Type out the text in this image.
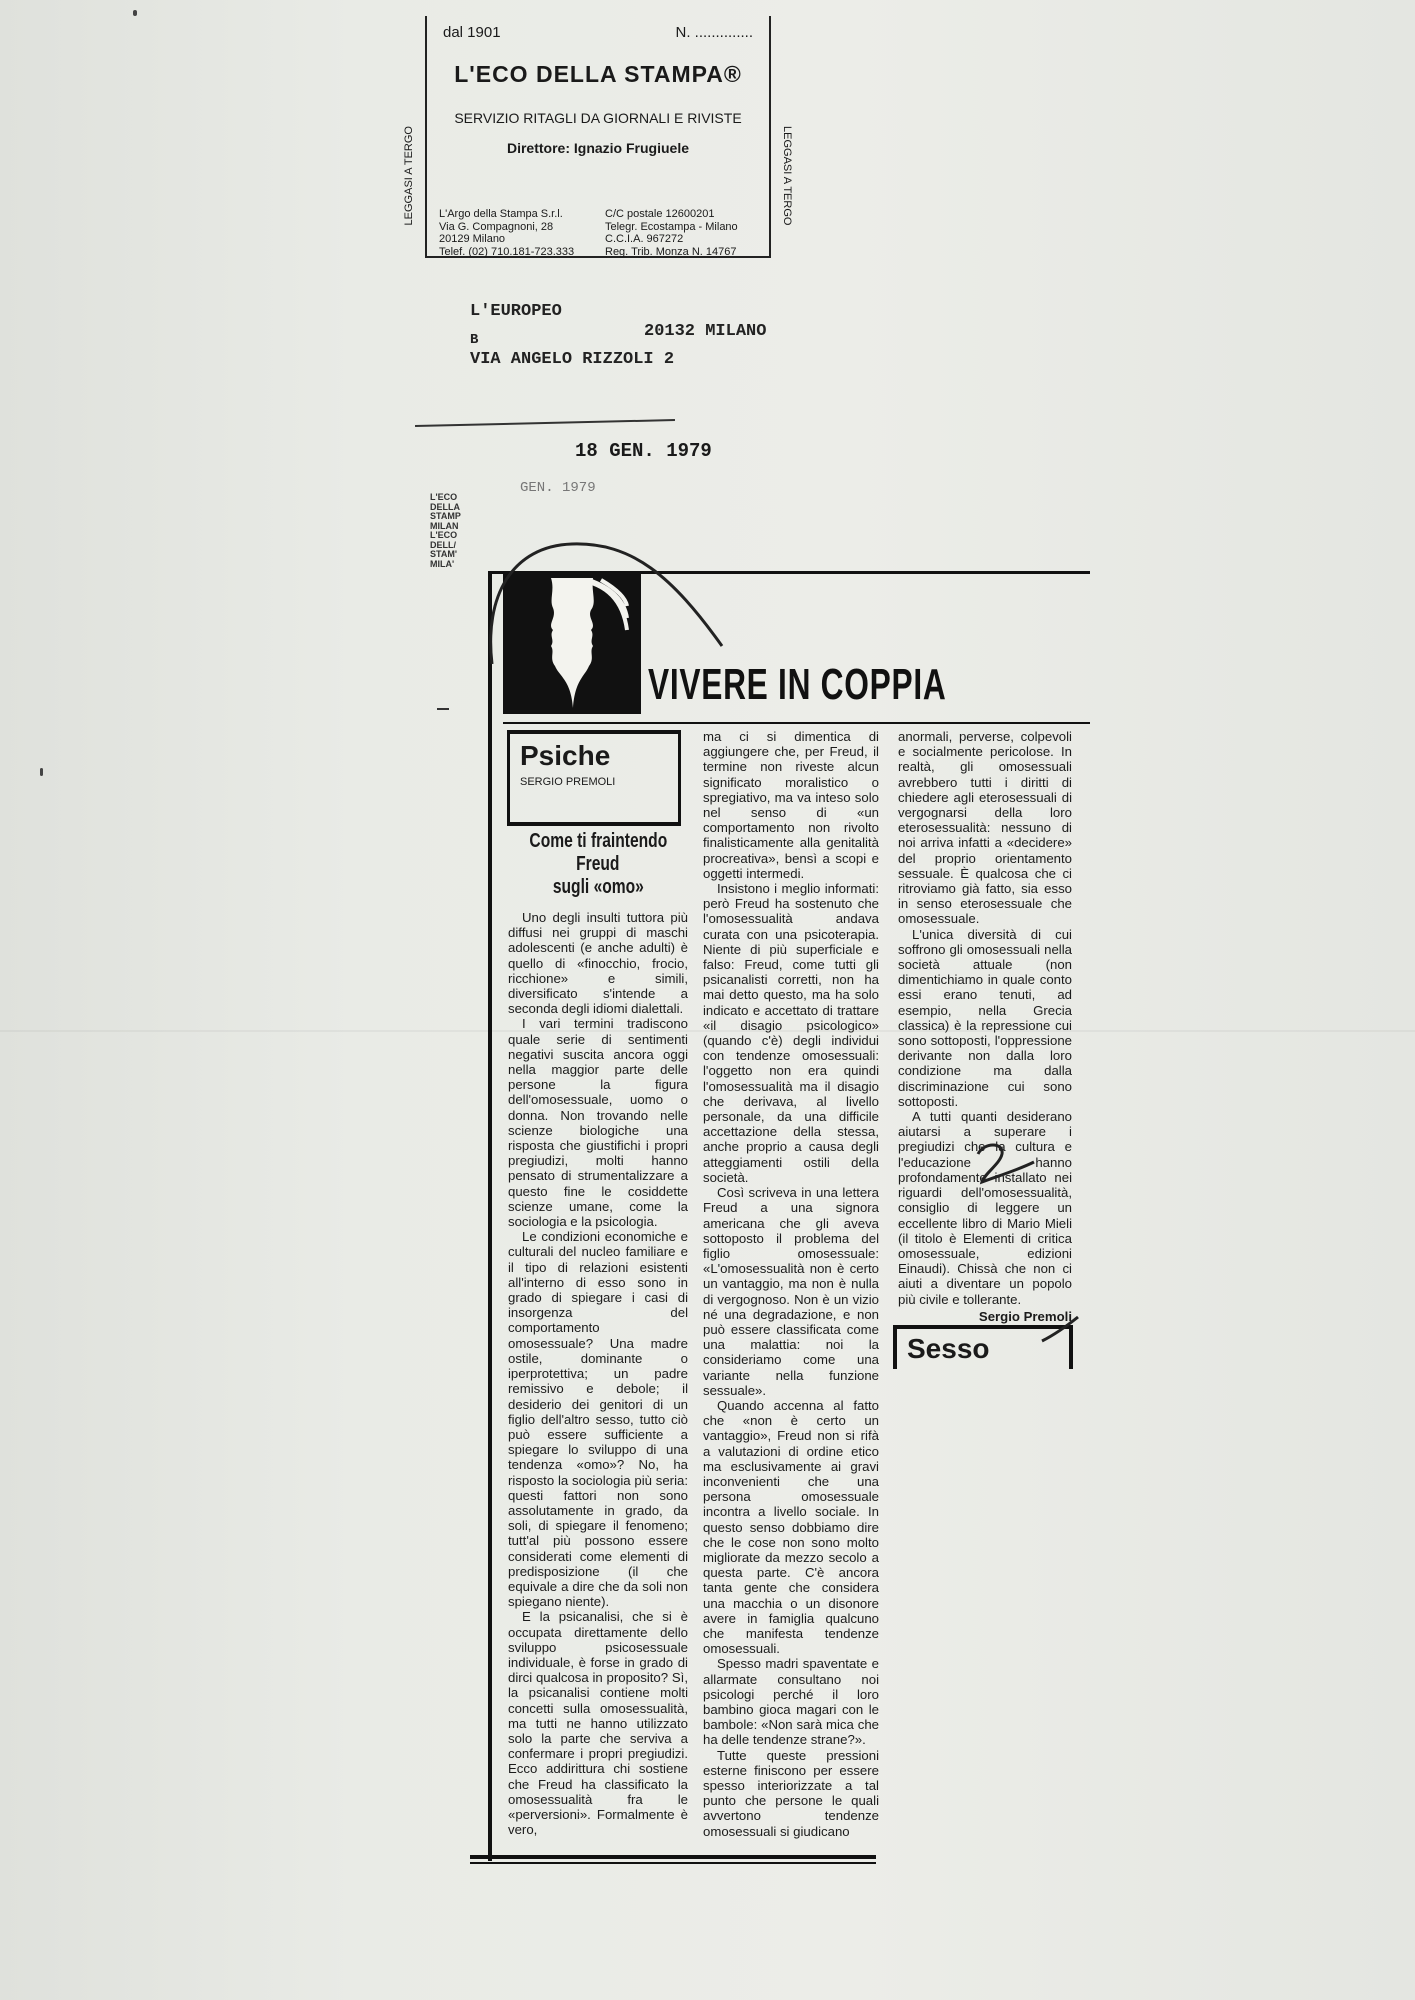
dal 1901	N. ..............
L'ECO DELLA STAMPA®
SERVIZIO RITAGLI DA GIORNALI E RIVISTE
Direttore: Ignazio Frugiuele
LEGGASI A TERGO	LEGGASI A TERGO
L'Argo della Stampa S.r.l.
Via G. Compagnoni, 28
20129 Milano
Telef. (02) 710.181-723.333
C/C postale 12600201
Telegr. Ecostampa - Milano
C.C.I.A. 967272
Reg. Trib. Monza N. 14767
L'EUROPEO
B	20132 MILANO
VIA ANGELO RIZZOLI 2
18 GEN. 1979
GEN. 1979
L'ECO
DELLA
STAMP
MILAN
L'ECO
DELL/
STAM'
MILA'
VIVERE IN COPPIA
Psiche
SERGIO PREMOLI
Come ti fraintendo
Freud
sugli «omo»

Uno degli insulti tuttora più diffusi nei gruppi di maschi adolescenti (e anche adulti) è quello di «finocchio, frocio, ricchione» e simili, diversificato s'intende a seconda degli idiomi dialettali.

I vari termini tradiscono quale serie di sentimenti negativi suscita ancora oggi nella maggior parte delle persone la figura dell'omosessuale, uomo o donna. Non trovando nelle scienze biologiche una risposta che giustifichi i propri pregiudizi, molti hanno pensato di strumentalizzare a questo fine le cosiddette scienze umane, come la sociologia e la psicologia.

Le condizioni economiche e culturali del nucleo familiare e il tipo di relazioni esistenti all'interno di esso sono in grado di spiegare i casi di insorgenza del comportamento omosessuale? Una madre ostile, dominante o iperprotettiva; un padre remissivo e debole; il desiderio dei genitori di un figlio dell'altro sesso, tutto ciò può essere sufficiente a spiegare lo sviluppo di una tendenza «omo»? No, ha risposto la sociologia più seria: questi fattori non sono assolutamente in grado, da soli, di spiegare il fenomeno; tutt'al più possono essere considerati come elementi di predisposizione (il che equivale a dire che da soli non spiegano niente).

E la psicanalisi, che si è occupata direttamente dello sviluppo psicosessuale individuale, è forse in grado di dirci qualcosa in proposito? Sì, la psicanalisi contiene molti concetti sulla omosessualità, ma tutti ne hanno utilizzato solo la parte che serviva a confermare i propri pregiudizi. Ecco addirittura chi sostiene che Freud ha classificato la omosessualità fra le «perversioni». Formalmente è vero,

ma ci si dimentica di aggiungere che, per Freud, il termine non riveste alcun significato moralistico o spregiativo, ma va inteso solo nel senso di «un comportamento non rivolto finalisticamente alla genitalità procreativa», bensì a scopi e oggetti intermedi.

Insistono i meglio informati: però Freud ha sostenuto che l'omosessualità andava curata con una psicoterapia. Niente di più superficiale e falso: Freud, come tutti gli psicanalisti corretti, non ha mai detto questo, ma ha solo indicato e accettato di trattare «il disagio psicologico» (quando c'è) degli individui con tendenze omosessuali: l'oggetto non era quindi l'omosessualità ma il disagio che derivava, al livello personale, da una difficile accettazione della stessa, anche proprio a causa degli atteggiamenti ostili della società.

Così scriveva in una lettera Freud a una signora americana che gli aveva sottoposto il problema del figlio omosessuale: «L'omosessualità non è certo un vantaggio, ma non è nulla di vergognoso. Non è un vizio né una degradazione, e non può essere classificata come una malattia: noi la consideriamo come una variante nella funzione sessuale».

Quando accenna al fatto che «non è certo un vantaggio», Freud non si rifà a valutazioni di ordine etico ma esclusivamente ai gravi inconvenienti che una persona omosessuale incontra a livello sociale. In questo senso dobbiamo dire che le cose non sono molto migliorate da mezzo secolo a questa parte. C'è ancora tanta gente che considera una macchia o un disonore avere in famiglia qualcuno che manifesta tendenze omosessuali.

Spesso madri spaventate e allarmate consultano noi psicologi perché il loro bambino gioca magari con le bambole: «Non sarà mica che ha delle tendenze strane?».

Tutte queste pressioni esterne finiscono per essere spesso interiorizzate a tal punto che persone le quali avvertono tendenze omosessuali si giudicano

anormali, perverse, colpevoli e socialmente pericolose. In realtà, gli omosessuali avrebbero tutti i diritti di chiedere agli eterosessuali di vergognarsi della loro eterosessualità: nessuno di noi arriva infatti a «decidere» del proprio orientamento sessuale. È qualcosa che ci ritroviamo già fatto, sia esso in senso eterosessuale che omosessuale.

L'unica diversità di cui soffrono gli omosessuali nella società attuale (non dimentichiamo in quale conto essi erano tenuti, ad esempio, nella Grecia classica) è la repressione cui sono sottoposti, l'oppressione derivante non dalla loro condizione ma dalla discriminazione cui sono sottoposti.

A tutti quanti desiderano aiutarsi a superare i pregiudizi che la cultura e l'educazione hanno profondamente installato nei riguardi dell'omosessualità, consiglio di leggere un eccellente libro di Mario Mieli (il titolo è Elementi di critica omosessuale, edizioni Einaudi). Chissà che non ci aiuti a diventare un popolo più civile e tollerante.

Sergio Premoli
Sesso
